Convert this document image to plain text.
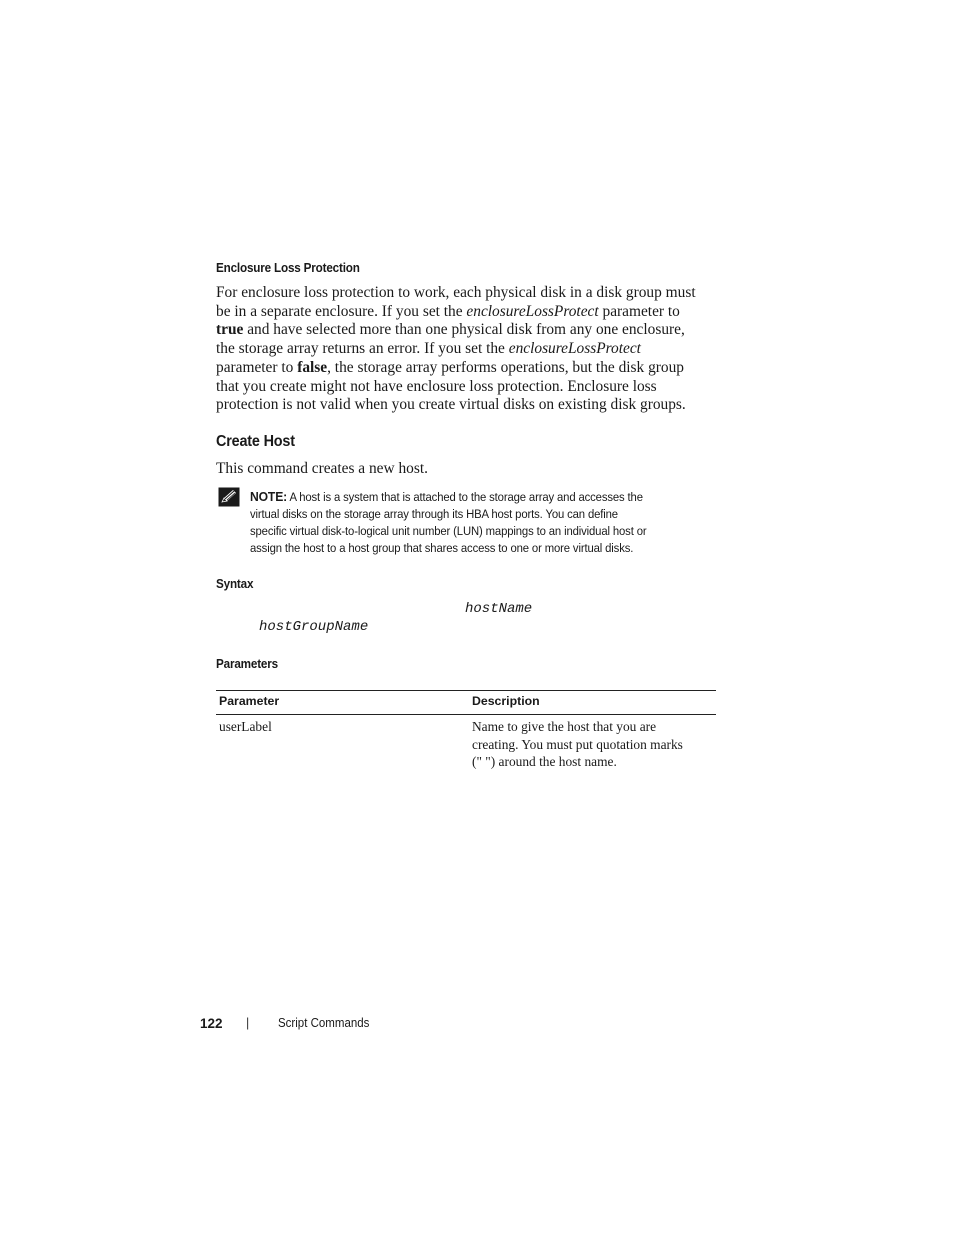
Enclosure Loss Protection
For enclosure loss protection to work, each physical disk in a disk group must
be in a separate enclosure. If you set the enclosureLossProtect parameter to
true and have selected more than one physical disk from any one enclosure,
the storage array returns an error. If you set the enclosureLossProtect
parameter to false, the storage array performs operations, but the disk group
that you create might not have enclosure loss protection. Enclosure loss
protection is not valid when you create virtual disks on existing disk groups.
Create Host
This command creates a new host.
NOTE: A host is a system that is attached to the storage array and accesses the
virtual disks on the storage array through its HBA host ports. You can define
specific virtual disk-to-logical unit number (LUN) mappings to an individual host or
assign the host to a host group that shares access to one or more virtual disks.
Syntax
hostName
hostGroupName
Parameters
Parameter	Description
userLabel	Name to give the host that you are
creating. You must put quotation marks
(" ") around the host name.
122 | Script Commands
